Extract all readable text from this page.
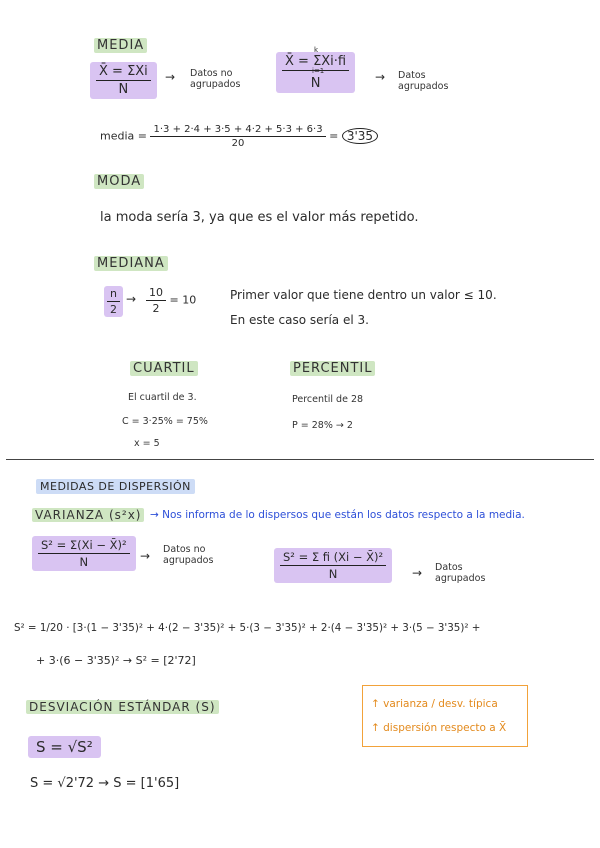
MEDIA
$\frac{\text{X̄ = ΣXi}}{N}$ → Datos no
agrupados	k
X̄ = ΣXi·fi
i=1
N → Datos
agrupados
media = $\frac{1\cdot 3 + 2\cdot 4 + 3\cdot 5 + 4\cdot 2 + 5\cdot 3 + 6\cdot 3}{20} = 3'35$
MODA
la moda sería 3, ya que es el valor más repetido.
MEDIANA
$\frac{n}{2} \to \frac{10}{2} = 10$	Primer valor que tiene dentro un valor ≤ 10.
En este caso sería el 3.
CUARTIL
El cuartil de 3.
C = 3·25% = 75%
x = 5
PERCENTIL
Percentil de 28
P = 28% → 2
MEDIDAS DE DISPERSIÓN
VARIANZA (s²x) → Nos informa de lo dispersos que están los datos respecto a la media.
$\frac{\text{S² = Σ(Xi − X̄)²}}{N}$ → Datos no
agrupados	$\frac{\text{S² = Σ fi (Xi − X̄)²}}{N}$ → Datos
agrupados
S² = 1/20 · [3·(1 − 3'35)² + 4·(2 − 3'35)² + 5·(3 − 3'35)² + 2·(4 − 3'35)² + 3·(5 − 3'35)² +
+ 3·(6 − 3'35)² → S² = [2'72]
DESVIACIÓN ESTÁNDAR (S)
S = √S²
S = √2'72 → S = [1'65]
↑ varianza / desv. típica
↑ dispersión respecto a X̄
